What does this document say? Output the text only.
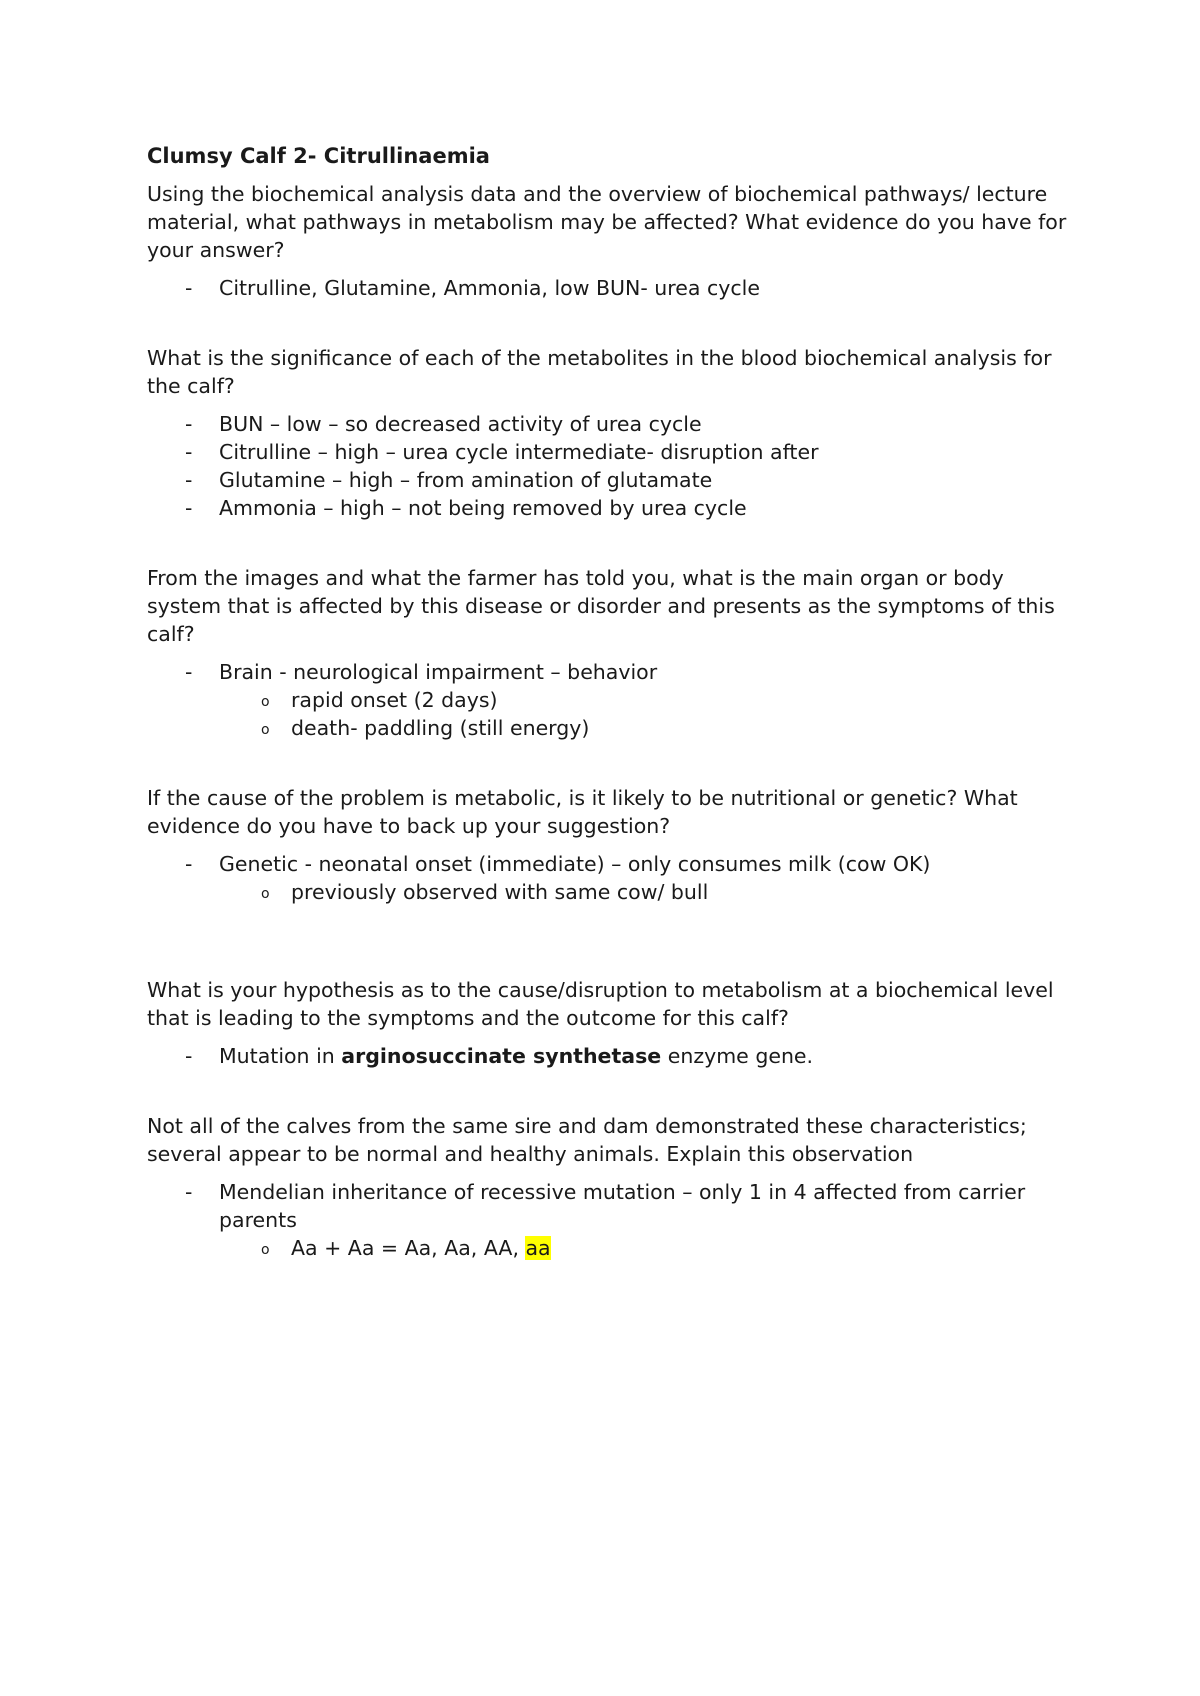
Clumsy Calf 2- Citrullinaemia

Using the biochemical analysis data and the overview of biochemical pathways/ lecture material, what pathways in metabolism may be affected? What evidence do you have for your answer?

- Citrulline, Glutamine, Ammonia, low BUN- urea cycle

What is the significance of each of the metabolites in the blood biochemical analysis for the calf?

- BUN – low – so decreased activity of urea cycle
- Citrulline – high – urea cycle intermediate- disruption after
- Glutamine – high – from amination of glutamate
- Ammonia – high – not being removed by urea cycle

From the images and what the farmer has told you, what is the main organ or body system that is affected by this disease or disorder and presents as the symptoms of this calf?

- Brain - neurological impairment – behavior
o rapid onset (2 days)
o death- paddling (still energy)

If the cause of the problem is metabolic, is it likely to be nutritional or genetic? What evidence do you have to back up your suggestion?

- Genetic - neonatal onset (immediate) – only consumes milk (cow OK)
o previously observed with same cow/ bull

What is your hypothesis as to the cause/disruption to metabolism at a biochemical level that is leading to the symptoms and the outcome for this calf?

- Mutation in arginosuccinate synthetase enzyme gene.

Not all of the calves from the same sire and dam demonstrated these characteristics; several appear to be normal and healthy animals. Explain this observation

- Mendelian inheritance of recessive mutation – only 1 in 4 affected from carrier parents
o Aa + Aa = Aa, Aa, AA, aa
